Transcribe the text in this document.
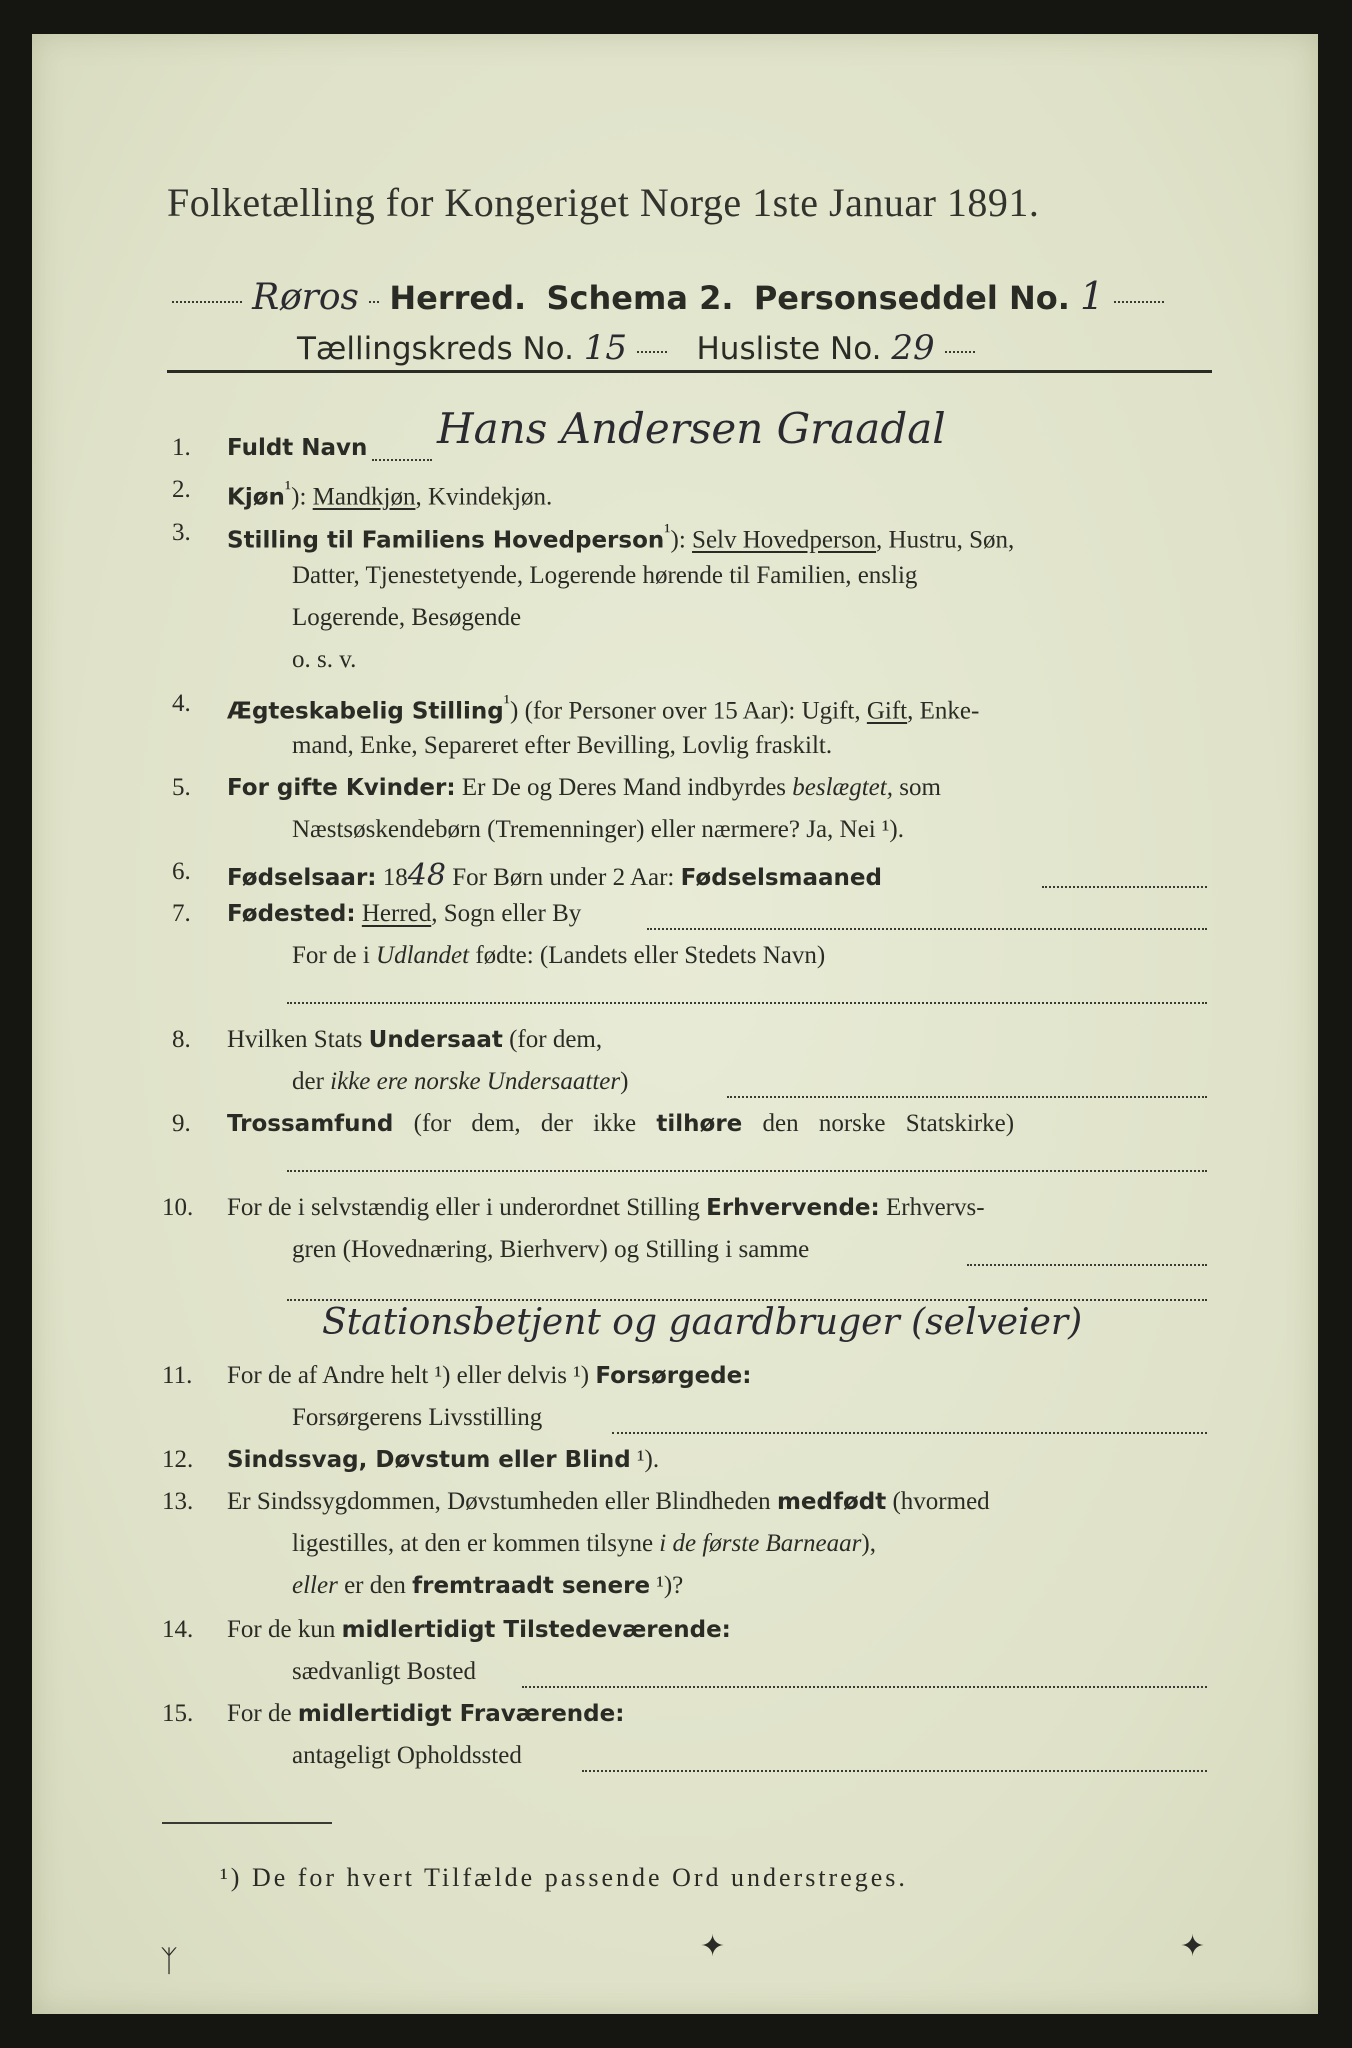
Folketælling for Kongeriget Norge 1ste Januar 1891.
Røros Herred. Schema 2. Personseddel No. 1
Tællingskreds No. 15 Husliste No. 29
1. Fuldt Navn Hans Andersen Graadal
2. Kjøn$^{^1}$): Mandkjøn, Kvindekjøn.
3. Stilling til Familiens Hovedperson$^{^1}$): Selv Hovedperson, Hustru, Søn,
Datter, Tjenestetyende, Logerende hørende til Familien, enslig
Logerende, Besøgende
o. s. v.
4. Ægteskabelig Stilling$^{^1}$) (for Personer over 15 Aar): Ugift, Gift, Enke-
mand, Enke, Separeret efter Bevilling, Lovlig fraskilt.
5. For gifte Kvinder: Er De og Deres Mand indbyrdes beslægtet, som
Næstsøskendebørn (Tremenninger) eller nærmere? Ja, Nei ¹).
6. Fødselsaar: 1848 For Børn under 2 Aar: Fødselsmaaned
7. Fødested: Herred, Sogn eller By
For de i Udlandet fødte: (Landets eller Stedets Navn)
8. Hvilken Stats Undersaat (for dem,
der ikke ere norske Undersaatter)
9. Trossamfund (for dem, der ikke tilhøre den norske Statskirke)
10. For de i selvstændig eller i underordnet Stilling Erhvervende: Erhvervs-
gren (Hovednæring, Bierhverv) og Stilling i samme
Stationsbetjent og gaardbruger (selveier)
11. For de af Andre helt ¹) eller delvis ¹) Forsørgede:
Forsørgerens Livsstilling
12. Sindssvag, Døvstum eller Blind ¹).
13. Er Sindssygdommen, Døvstumheden eller Blindheden medfødt (hvormed
ligestilles, at den er kommen tilsyne i de første Barneaar),
eller er den fremtraadt senere ¹)?
14. For de kun midlertidigt Tilstedeværende:
sædvanligt Bosted
15. For de midlertidigt Fraværende:
antageligt Opholdssted
¹) De for hvert Tilfælde passende Ord understreges.
ᛉ	✦	✦
